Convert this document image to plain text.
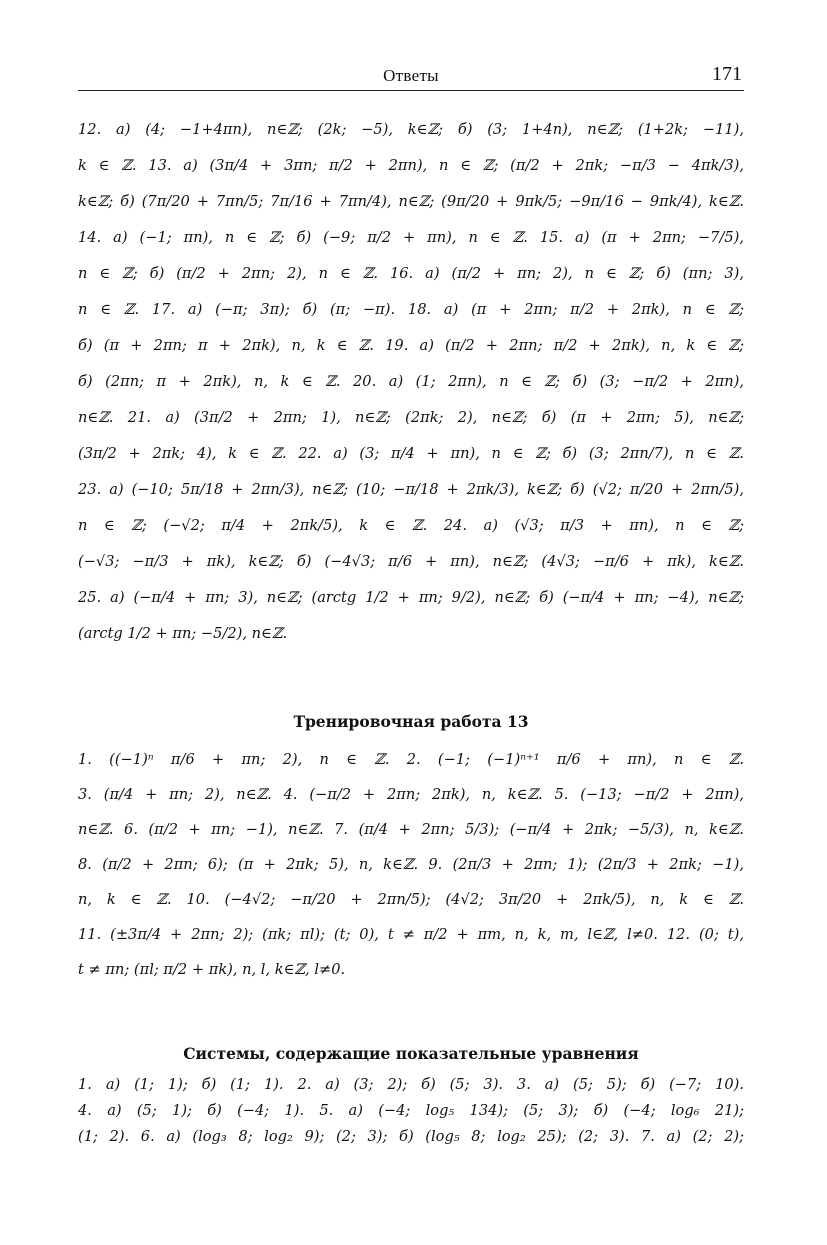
Ответы	171
12. а) (4; −1+4πn), n∈ℤ; (2k; −5), k∈ℤ; б) (3; 1+4n), n∈ℤ; (1+2k; −11),
k ∈ ℤ. 13. а) (3π/4 + 3πn; π/2 + 2πn), n ∈ ℤ; (π/2 + 2πk; −π/3 − 4πk/3),
k∈ℤ; б) (7π/20 + 7πn/5; 7π/16 + 7πn/4), n∈ℤ; (9π/20 + 9πk/5; −9π/16 − 9πk/4), k∈ℤ.
14. а) (−1; πn), n ∈ ℤ; б) (−9; π/2 + πn), n ∈ ℤ. 15. а) (π + 2πn; −7/5),
n ∈ ℤ; б) (π/2 + 2πn; 2), n ∈ ℤ. 16. а) (π/2 + πn; 2), n ∈ ℤ; б) (πn; 3),
n ∈ ℤ. 17. а) (−π; 3π); б) (π; −π). 18. а) (π + 2πn; π/2 + 2πk), n ∈ ℤ;
б) (π + 2πn; π + 2πk), n, k ∈ ℤ. 19. а) (π/2 + 2πn; π/2 + 2πk), n, k ∈ ℤ;
б) (2πn; π + 2πk), n, k ∈ ℤ. 20. а) (1; 2πn), n ∈ ℤ; б) (3; −π/2 + 2πn),
n∈ℤ. 21. а) (3π/2 + 2πn; 1), n∈ℤ; (2πk; 2), n∈ℤ; б) (π + 2πn; 5), n∈ℤ;
(3π/2 + 2πk; 4), k ∈ ℤ. 22. а) (3; π/4 + πn), n ∈ ℤ; б) (3; 2πn/7), n ∈ ℤ.
23. а) (−10; 5π/18 + 2πn/3), n∈ℤ; (10; −π/18 + 2πk/3), k∈ℤ; б) (√2; π/20 + 2πn/5),
n ∈ ℤ; (−√2; π/4 + 2πk/5), k ∈ ℤ. 24. а) (√3; π/3 + πn), n ∈ ℤ;
(−√3; −π/3 + πk), k∈ℤ; б) (−4√3; π/6 + πn), n∈ℤ; (4√3; −π/6 + πk), k∈ℤ.
25. а) (−π/4 + πn; 3), n∈ℤ; (arctg 1/2 + πn; 9/2), n∈ℤ; б) (−π/4 + πn; −4), n∈ℤ;
(arctg 1/2 + πn; −5/2), n∈ℤ.
Тренировочная работа 13
1. ((−1)ⁿ π/6 + πn; 2), n ∈ ℤ. 2. (−1; (−1)ⁿ⁺¹ π/6 + πn), n ∈ ℤ.
3. (π/4 + πn; 2), n∈ℤ. 4. (−π/2 + 2πn; 2πk), n, k∈ℤ. 5. (−13; −π/2 + 2πn),
n∈ℤ. 6. (π/2 + πn; −1), n∈ℤ. 7. (π/4 + 2πn; 5/3); (−π/4 + 2πk; −5/3), n, k∈ℤ.
8. (π/2 + 2πn; 6); (π + 2πk; 5), n, k∈ℤ. 9. (2π/3 + 2πn; 1); (2π/3 + 2πk; −1),
n, k ∈ ℤ. 10. (−4√2; −π/20 + 2πn/5); (4√2; 3π/20 + 2πk/5), n, k ∈ ℤ.
11. (±3π/4 + 2πn; 2); (πk; πl); (t; 0), t ≠ π/2 + πm, n, k, m, l∈ℤ, l≠0. 12. (0; t),
t ≠ πn; (πl; π/2 + πk), n, l, k∈ℤ, l≠0.
Системы, содержащие показательные уравнения
1. а) (1; 1); б) (1; 1). 2. а) (3; 2); б) (5; 3). 3. а) (5; 5); б) (−7; 10).
4. а) (5; 1); б) (−4; 1). 5. а) (−4; log₅ 134); (5; 3); б) (−4; log₆ 21);
(1; 2). 6. а) (log₃ 8; log₂ 9); (2; 3); б) (log₅ 8; log₂ 25); (2; 3). 7. а) (2; 2);
